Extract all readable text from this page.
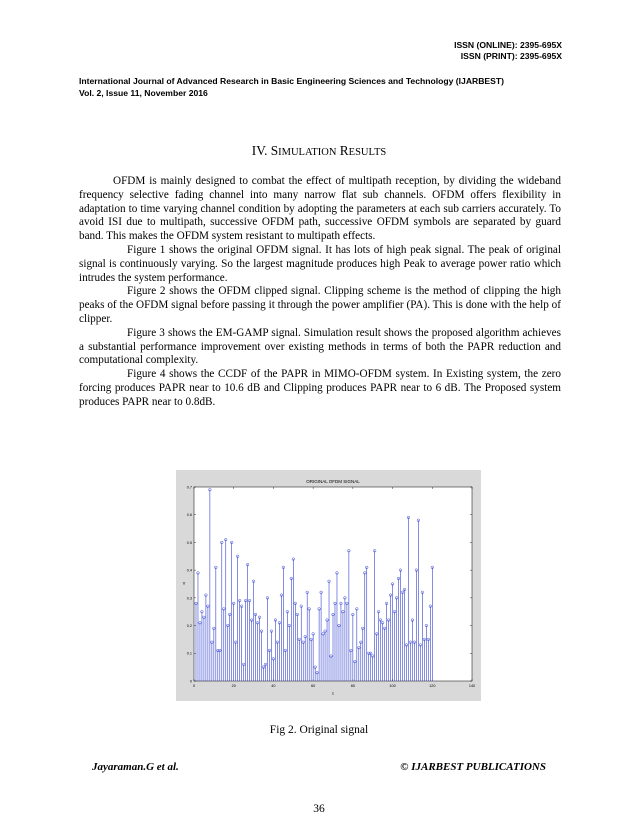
ISSN (ONLINE): 2395-695X
ISSN (PRINT): 2395-695X
International Journal of Advanced Research in Basic Engineering Sciences and Technology (IJARBEST)
Vol. 2, Issue 11, November 2016
IV. SIMULATION RESULTS

OFDM is mainly designed to combat the effect of multipath reception, by dividing the wideband frequency selective fading channel into many narrow flat sub channels. OFDM offers flexibility in adaptation to time varying channel condition by adopting the parameters at each sub carriers accurately. To avoid ISI due to multipath, successive OFDM path, successive OFDM symbols are separated by guard band. This makes the OFDM system resistant to multipath effects.

Figure 1 shows the original OFDM signal. It has lots of high peak signal. The peak of original signal is continuously varying. So the largest magnitude produces high Peak to average power ratio which intrudes the system performance.

Figure 2 shows the OFDM clipped signal. Clipping scheme is the method of clipping the high peaks of the OFDM signal before passing it through the power amplifier (PA). This is done with the help of clipper.

Figure 3 shows the EM-GAMP signal. Simulation result shows the proposed algorithm achieves a substantial performance improvement over existing methods in terms of both the PAPR reduction and computational complexity.

Figure 4 shows the CCDF of the PAPR in MIMO-OFDM system. In Existing system, the zero forcing produces PAPR near to 10.6 dB and Clipping produces PAPR near to 6 dB. The Proposed system produces PAPR near to 0.8dB.

ORIGINAL OFDM SIGNAL
t
Y
0	20	40	60	80	100	120	140
0
0.1
0.2
0.3
0.4
0.5
0.6
0.7
Fig 2. Original signal
Jayaraman.G et al.	© IJARBEST PUBLICATIONS
36
